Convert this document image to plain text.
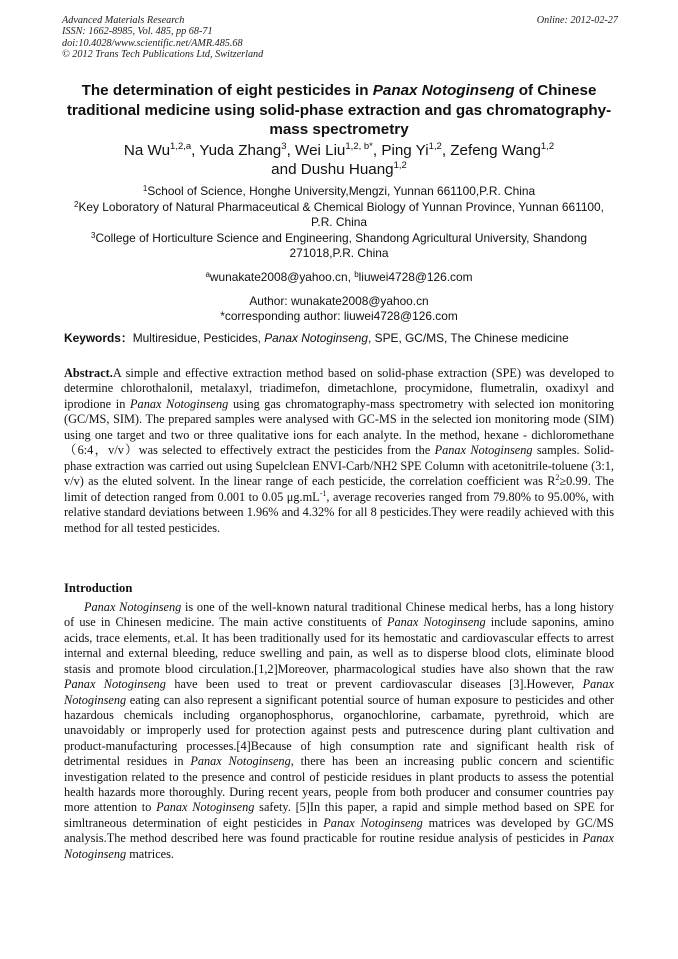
Advanced Materials Research
ISSN: 1662-8985, Vol. 485, pp 68-71
doi:10.4028/www.scientific.net/AMR.485.68
© 2012 Trans Tech Publications Ltd, Switzerland
Online: 2012-02-27
The determination of eight pesticides in Panax Notoginseng of Chinese traditional medicine using solid-phase extraction and gas chromatography-mass spectrometry
Na Wu$^{1,2,a}$, Yuda Zhang$^3$, Wei Liu$^{1,2, b*}$, Ping Yi$^{1,2}$, Zefeng Wang$^{1,2}$
and Dushu Huang$^{1,2}$
$^1$School of Science, Honghe University,Mengzi, Yunnan 661100,P.R. China
$^2$Key Loboratory of Natural Pharmaceutical & Chemical Biology of Yunnan Province, Yunnan 661100, P.R. China
$^3$College of Horticulture Science and Engineering, Shandong Agricultural University, Shandong 271018,P.R. China
$^a$wunakate2008@yahoo.cn, $^b$liuwei4728@126.com
Author: wunakate2008@yahoo.cn
*corresponding author: liuwei4728@126.com
Keywords：Multiresidue, Pesticides, Panax Notoginseng, SPE, GC/MS, The Chinese medicine
Abstract.A simple and effective extraction method based on solid-phase extraction (SPE) was developed to determine chlorothalonil, metalaxyl, triadimefon, dimetachlone, procymidone, flumetralin, oxadixyl and iprodione in Panax Notoginseng using gas chromatography-mass spectrometry with selected ion monitoring (GC/MS, SIM). The prepared samples were analysed with GC-MS in the selected ion monitoring mode (SIM) using one target and two or three qualitative ions for each analyte. In the method, hexane - dichloromethane（6:4，v/v）was selected to effectively extract the pesticides from the Panax Notoginseng samples. Solid-phase extraction was carried out using Supelclean ENVI-Carb/NH2 SPE Column with acetonitrile-toluene (3:1, v/v) as the eluted solvent. In the linear range of each pesticide, the correlation coefficient was $R^2\ge 0.99$. The limit of detection ranged from 0.001 to 0.05 $\mu g.mL^{-1}$, average recoveries ranged from 79.80% to 95.00%, with relative standard deviations between 1.96% and 4.32% for all 8 pesticides.They were readily achieved with this method for all tested pesticides.
Introduction
Panax Notoginseng is one of the well-known natural traditional Chinese medical herbs, has a long history of use in Chinesen medicine. The main active constituents of Panax Notoginseng include saponins, amino acids, trace elements, et.al. It has been traditionally used for its hemostatic and cardiovascular effects to arrest internal and external bleeding, reduce swelling and pain, as well as to disperse blood clots, eliminate blood stasis and promote blood circulation.[1,2]Moreover, pharmacological studies have also shown that the raw Panax Notoginseng have been used to treat or prevent cardiovascular diseases [3].However, Panax Notoginseng eating can also represent a significant potential source of human exposure to pesticides and other hazardous chemicals including organophosphorus, organochlorine, carbamate, pyrethroid, which are unavoidably or improperly used for protection against pests and putrescence during plant cultivation and product-manufacturing processes.[4]Because of high consumption rate and significant health risk of detrimental residues in Panax Notoginseng, there has been an increasing public concern and scientific investigation related to the presence and control of pesticide residues in plant products to assess the potential health hazards more thoroughly. During recent years, people from both producer and consumer countries pay more attention to Panax Notoginseng safety. [5]In this paper, a rapid and simple method based on SPE for simltraneous determination of eight pesticides in Panax Notoginseng matrices was developed by GC/MS analysis.The method described here was found practicable for routine residue analysis of pesticides in Panax Notoginseng matrices.
